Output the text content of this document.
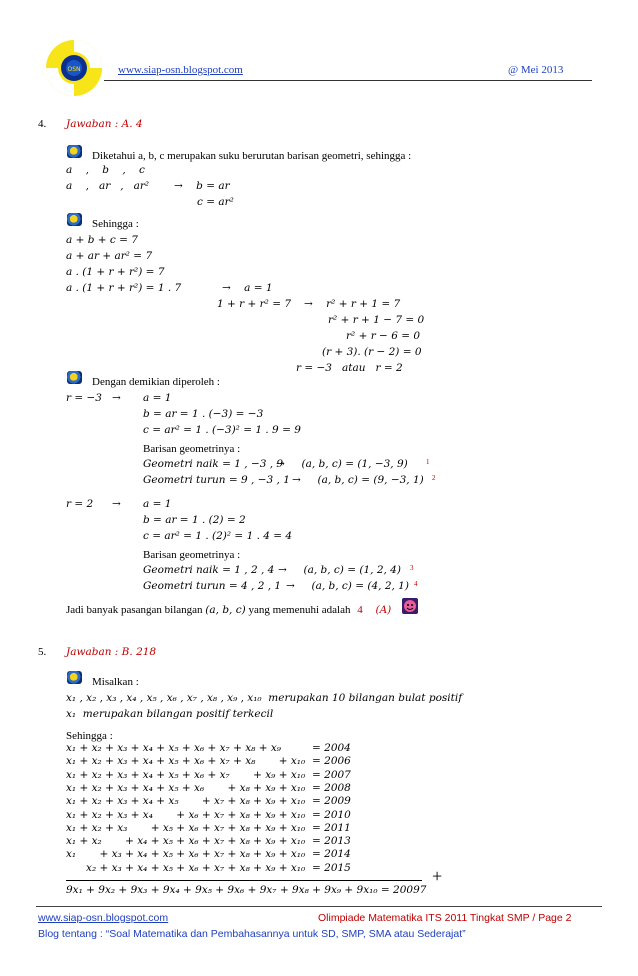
OSN	www.siap-osn.blogspot.com	@ Mei 2013
4. Jawaban : A. 4
Diketahui a, b, c merupakan suku berurutan barisan geometri, sehingga :
a    ,    b    ,    c
a    ,   ar   ,   ar² →    b = ar
c = ar²
Sehingga :
a + b + c = 7
a + ar + ar² = 7
a . (1 + r + r²) = 7
a . (1 + r + r²) = 1 . 7	→    a = 1
1 + r + r² = 7 →    r² + r + 1 = 7
r² + r + 1 − 7 = 0
r² + r − 6 = 0
(r + 3). (r − 2) = 0
r = −3   atau   r = 2
Dengan demikian diperoleh :
r = −3 → a = 1
b = ar = 1 . (−3) = −3
c = ar² = 1 . (−3)² = 1 . 9 = 9
Barisan geometrinya :
Geometri naik = 1 , −3 , 9
→     (a, b, c) = (1, −3, 9)	1
Geometri turun = 9 , −3 , 1 →     (a, b, c) = (9, −3, 1) 2
r = 2 → a = 1
b = ar = 1 . (2) = 2
c = ar² = 1 . (2)² = 1 . 4 = 4
Barisan geometrinya :
Geometri naik = 1 , 2 , 4 →     (a, b, c) = (1, 2, 4) 3
Geometri turun = 4 , 2 , 1 →     (a, b, c) = (4, 2, 1) 4
Jadi banyak pasangan bilangan (a, b, c) yang memenuhi adalah 4 (A)
5. Jawaban : B. 218
Misalkan :
x₁ , x₂ , x₃ , x₄ , x₅ , x₆ , x₇ , x₈ , x₉ , x₁₀  merupakan 10 bilangan bulat positif
x₁  merupakan bilangan positif terkecil
Sehingga :
x₁ + x₂ + x₃ + x₄ + x₅ + x₆ + x₇ + x₈ + x₉	= 2004
x₁ + x₂ + x₃ + x₄ + x₅ + x₆ + x₇ + x₈       + x₁₀ = 2006
x₁ + x₂ + x₃ + x₄ + x₅ + x₆ + x₇       + x₉ + x₁₀ = 2007
x₁ + x₂ + x₃ + x₄ + x₅ + x₆       + x₈ + x₉ + x₁₀ = 2008
x₁ + x₂ + x₃ + x₄ + x₅       + x₇ + x₈ + x₉ + x₁₀ = 2009
x₁ + x₂ + x₃ + x₄       + x₆ + x₇ + x₈ + x₉ + x₁₀ = 2010
x₁ + x₂ + x₃       + x₅ + x₆ + x₇ + x₈ + x₉ + x₁₀ = 2011
x₁ + x₂       + x₄ + x₅ + x₆ + x₇ + x₈ + x₉ + x₁₀ = 2013
x₁       + x₃ + x₄ + x₅ + x₆ + x₇ + x₈ + x₉ + x₁₀ = 2014
x₂ + x₃ + x₄ + x₅ + x₆ + x₇ + x₈ + x₉ + x₁₀ = 2015	+
9x₁ + 9x₂ + 9x₃ + 9x₄ + 9x₅ + 9x₆ + 9x₇ + 9x₈ + 9x₉ + 9x₁₀ = 20097
www.siap-osn.blogspot.com	Olimpiade Matematika ITS 2011 Tingkat SMP / Page 2
Blog tentang : “Soal Matematika dan Pembahasannya untuk SD, SMP, SMA atau Sederajat”
